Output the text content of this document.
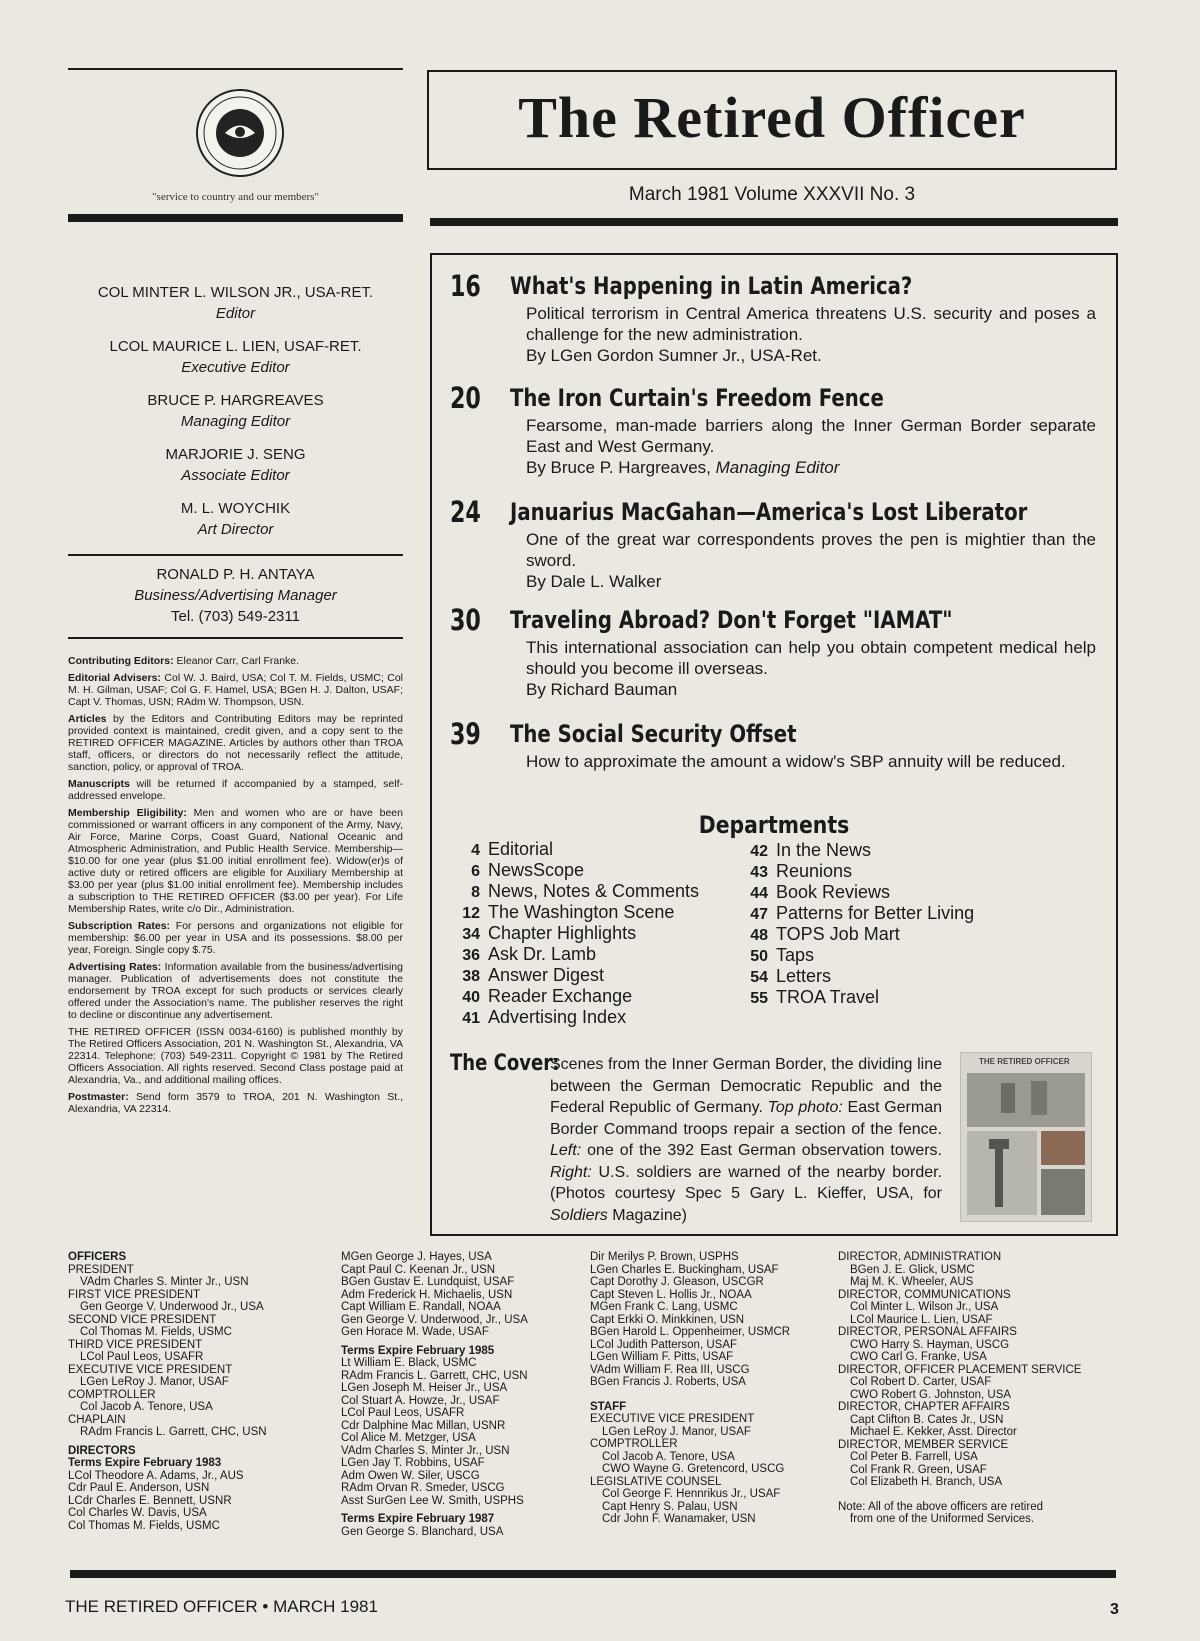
"service to country and our members"
The Retired Officer
March 1981 Volume XXXVII No. 3
COL MINTER L. WILSON JR., USA-RET.
Editor
LCOL MAURICE L. LIEN, USAF-RET.
Executive Editor
BRUCE P. HARGREAVES
Managing Editor
MARJORIE J. SENG
Associate Editor
M. L. WOYCHIK
Art Director
RONALD P. H. ANTAYA
Business/Advertising Manager
Tel. (703) 549-2311

Contributing Editors: Eleanor Carr, Carl Franke.

Editorial Advisers: Col W. J. Baird, USA; Col T. M. Fields, USMC; Col M. H. Gilman, USAF; Col G. F. Hamel, USA; BGen H. J. Dalton, USAF; Capt V. Thomas, USN; RAdm W. Thompson, USN.

Articles by the Editors and Contributing Editors may be reprinted provided context is maintained, credit given, and a copy sent to the RETIRED OFFICER MAGAZINE. Articles by authors other than TROA staff, officers, or directors do not necessarily reflect the attitude, sanction, policy, or approval of TROA.

Manuscripts will be returned if accompanied by a stamped, self-addressed envelope.

Membership Eligibility: Men and women who are or have been commissioned or warrant officers in any component of the Army, Navy, Air Force, Marine Corps, Coast Guard, National Oceanic and Atmospheric Administration, and Public Health Service. Membership—$10.00 for one year (plus $1.00 initial enrollment fee). Widow(er)s of active duty or retired officers are eligible for Auxiliary Membership at $3.00 per year (plus $1.00 initial enrollment fee). Membership includes a subscription to THE RETIRED OFFICER ($3.00 per year). For Life Membership Rates, write c/o Dir., Administration.

Subscription Rates: For persons and organizations not eligible for membership: $6.00 per year in USA and its possessions. $8.00 per year, Foreign. Single copy $.75.

Advertising Rates: Information available from the business/advertising manager. Publication of advertisements does not constitute the endorsement by TROA except for such products or services clearly offered under the Association's name. The publisher reserves the right to decline or discontinue any advertisement.

THE RETIRED OFFICER (ISSN 0034-6160) is published monthly by The Retired Officers Association, 201 N. Washington St., Alexandria, VA 22314. Telephone: (703) 549-2311. Copyright © 1981 by The Retired Officers Association. All rights reserved. Second Class postage paid at Alexandria, Va., and additional mailing offices.

Postmaster: Send form 3579 to TROA, 201 N. Washington St., Alexandria, VA 22314.

16 What's Happening in Latin America?
Political terrorism in Central America threatens U.S. security and poses a challenge for the new administration.
By LGen Gordon Sumner Jr., USA-Ret.
20 The Iron Curtain's Freedom Fence
Fearsome, man-made barriers along the Inner German Border separate East and West Germany.
By Bruce P. Hargreaves, Managing Editor
24 Januarius MacGahan—America's Lost Liberator
One of the great war correspondents proves the pen is mightier than the sword.
By Dale L. Walker
30 Traveling Abroad? Don't Forget "IAMAT"
This international association can help you obtain competent medical help should you become ill overseas.
By Richard Bauman
39 The Social Security Offset
How to approximate the amount a widow's SBP annuity will be reduced.
Departments
4 Editorial
6 NewsScope
8 News, Notes & Comments
12 The Washington Scene
34 Chapter Highlights
36 Ask Dr. Lamb
38 Answer Digest
40 Reader Exchange
41 Advertising Index
42 In the News
43 Reunions
44 Book Reviews
47 Patterns for Better Living
48 TOPS Job Mart
50 Taps
54 Letters
55 TROA Travel
The Cover:
Scenes from the Inner German Border, the dividing line between the German Democratic Republic and the Federal Republic of Germany. Top photo: East German Border Command troops repair a section of the fence. Left: one of the 392 East German observation towers. Right: U.S. soldiers are warned of the nearby border. (Photos courtesy Spec 5 Gary L. Kieffer, USA, for Soldiers Magazine)
THE RETIRED OFFICER
OFFICERS
PRESIDENT
VAdm Charles S. Minter Jr., USN
FIRST VICE PRESIDENT
Gen George V. Underwood Jr., USA
SECOND VICE PRESIDENT
Col Thomas M. Fields, USMC
THIRD VICE PRESIDENT
LCol Paul Leos, USAFR
EXECUTIVE VICE PRESIDENT
LGen LeRoy J. Manor, USAF
COMPTROLLER
Col Jacob A. Tenore, USA
CHAPLAIN
RAdm Francis L. Garrett, CHC, USN
DIRECTORS
Terms Expire February 1983
LCol Theodore A. Adams, Jr., AUS
Cdr Paul E. Anderson, USN
LCdr Charles E. Bennett, USNR
Col Charles W. Davis, USA
Col Thomas M. Fields, USMC
MGen George J. Hayes, USA
Capt Paul C. Keenan Jr., USN
BGen Gustav E. Lundquist, USAF
Adm Frederick H. Michaelis, USN
Capt William E. Randall, NOAA
Gen George V. Underwood, Jr., USA
Gen Horace M. Wade, USAF
Terms Expire February 1985
Lt William E. Black, USMC
RAdm Francis L. Garrett, CHC, USN
LGen Joseph M. Heiser Jr., USA
Col Stuart A. Howze, Jr., USAF
LCol Paul Leos, USAFR
Cdr Dalphine Mac Millan, USNR
Col Alice M. Metzger, USA
VAdm Charles S. Minter Jr., USN
LGen Jay T. Robbins, USAF
Adm Owen W. Siler, USCG
RAdm Orvan R. Smeder, USCG
Asst SurGen Lee W. Smith, USPHS
Terms Expire February 1987
Gen George S. Blanchard, USA
Dir Merilys P. Brown, USPHS
LGen Charles E. Buckingham, USAF
Capt Dorothy J. Gleason, USCGR
Capt Steven L. Hollis Jr., NOAA
MGen Frank C. Lang, USMC
Capt Erkki O. Minkkinen, USN
BGen Harold L. Oppenheimer, USMCR
LCol Judith Patterson, USAF
LGen William F. Pitts, USAF
VAdm William F. Rea III, USCG
BGen Francis J. Roberts, USA
STAFF
EXECUTIVE VICE PRESIDENT
LGen LeRoy J. Manor, USAF
COMPTROLLER
Col Jacob A. Tenore, USA
CWO Wayne G. Gretencord, USCG
LEGISLATIVE COUNSEL
Col George F. Hennrikus Jr., USAF
Capt Henry S. Palau, USN
Cdr John F. Wanamaker, USN
DIRECTOR, ADMINISTRATION
BGen J. E. Glick, USMC
Maj M. K. Wheeler, AUS
DIRECTOR, COMMUNICATIONS
Col Minter L. Wilson Jr., USA
LCol Maurice L. Lien, USAF
DIRECTOR, PERSONAL AFFAIRS
CWO Harry S. Hayman, USCG
CWO Carl G. Franke, USA
DIRECTOR, OFFICER PLACEMENT SERVICE
Col Robert D. Carter, USAF
CWO Robert G. Johnston, USA
DIRECTOR, CHAPTER AFFAIRS
Capt Clifton B. Cates Jr., USN
Michael E. Kekker, Asst. Director
DIRECTOR, MEMBER SERVICE
Col Peter B. Farrell, USA
Col Frank R. Green, USAF
Col Elizabeth H. Branch, USA
Note: All of the above officers are retired
from one of the Uniformed Services.
THE RETIRED OFFICER • MARCH 1981	3
